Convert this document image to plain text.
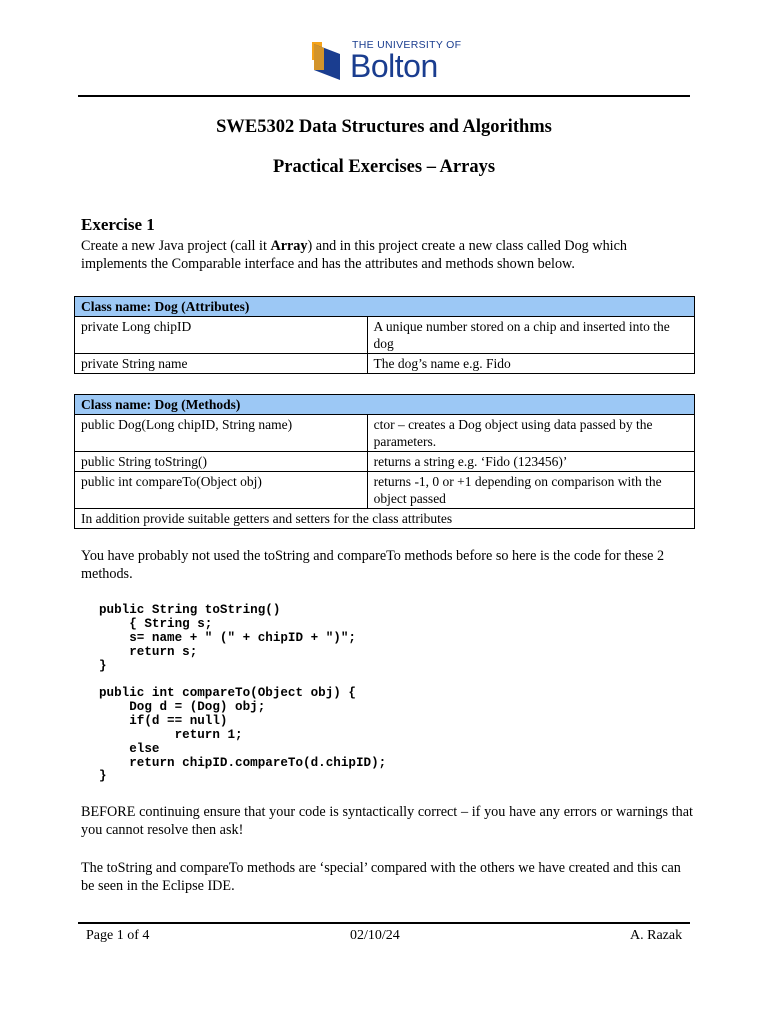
THE UNIVERSITY OF
Bolton
SWE5302 Data Structures and Algorithms
Practical Exercises – Arrays
Exercise 1
Create a new Java project (call it Array) and in this project create a new class called Dog which implements the Comparable interface and has the attributes and methods shown below.
Class name: Dog (Attributes)	
private Long chipID	A unique number stored on a chip and inserted into the dog
private String name	The dog’s name e.g. Fido
Class name: Dog (Methods)	
public Dog(Long chipID, String name)	ctor – creates a Dog object using data passed by the parameters.
public String toString()	returns a string e.g. ‘Fido (123456)’
public int compareTo(Object obj)	returns -1, 0 or +1 depending on comparison with the object passed
In addition provide suitable getters and setters for the class attributes	
You have probably not used the toString and compareTo methods before so here is the code for these 2 methods.
public String toString()
{ String s;
s= name + " (" + chipID + ")";
return s;
}
public int compareTo(Object obj) {
Dog d = (Dog) obj;
if(d == null)
return 1;
else
return chipID.compareTo(d.chipID);
}
BEFORE continuing ensure that your code is syntactically correct – if you have any errors or warnings that you cannot resolve then ask!
The toString and compareTo methods are ‘special’ compared with the others we have created and this can be seen in the Eclipse IDE.
Page 1 of 4	02/10/24	A. Razak
